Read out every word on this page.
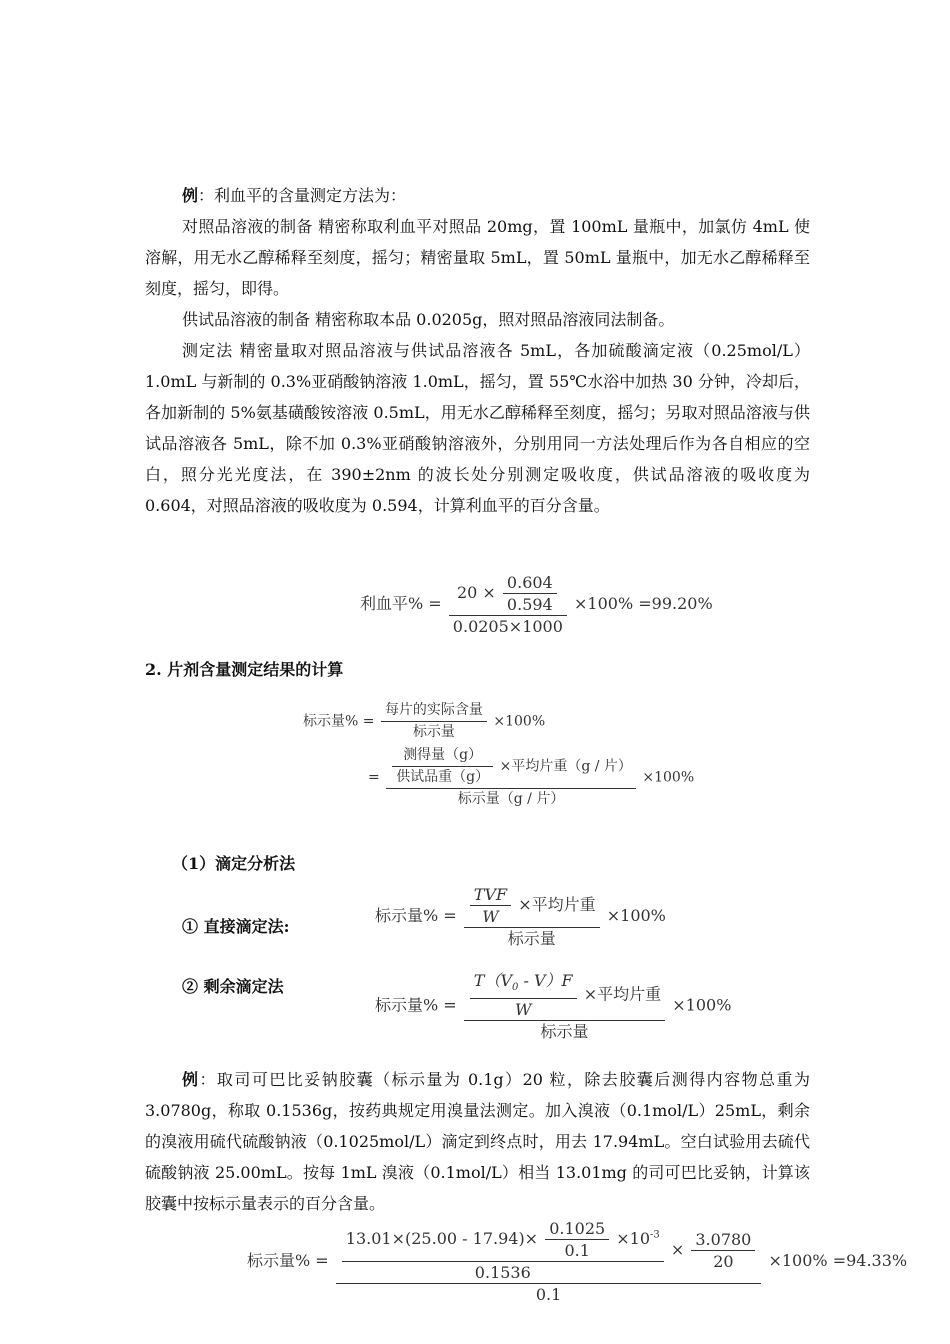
例：利血平的含量测定方法为：

对照品溶液的制备 精密称取利血平对照品 20mg，置 100mL 量瓶中，加氯仿 4mL 使溶解，用无水乙醇稀释至刻度，摇匀；精密量取 5mL，置 50mL 量瓶中，加无水乙醇稀释至刻度，摇匀，即得。

供试品溶液的制备 精密称取本品 0.0205g，照对照品溶液同法制备。

测定法 精密量取对照品溶液与供试品溶液各 5mL，各加硫酸滴定液（0.25mol/L）1.0mL 与新制的 0.3%亚硝酸钠溶液 1.0mL，摇匀，置 55℃水浴中加热 30 分钟，冷却后，各加新制的 5%氨基磺酸铵溶液 0.5mL，用无水乙醇稀释至刻度，摇匀；另取对照品溶液与供试品溶液各 5mL，除不加 0.3%亚硝酸钠溶液外，分别用同一方法处理后作为各自相应的空白，照分光光度法，在 390±2nm 的波长处分别测定吸收度，供试品溶液的吸收度为 0.604，对照品溶液的吸收度为 0.594，计算利血平的百分含量。

利血平% = $\frac{20 \times \frac{0.604}{0.594}}{0.0205\times 1000} \times 100\% =99.20\%$
2. 片剂含量测定结果的计算
标示量% =
每片的实际含量
标示量
×100%
=
测得量（g）
供试品重（g）
×平均片重（g / 片）
标示量（g / 片）
×100%
（1）滴定分析法
① 直接滴定法:
标示量% =
TVF
W
×平均片重
标示量
×100%
② 剩余滴定法
标示量% = $\frac{T(V_0 - V)F}{W}$ ×平均片重
标示量
×100%

例：取司可巴比妥钠胶囊（标示量为 0.1g）20 粒，除去胶囊后测得内容物总重为 3.0780g，称取 0.1536g，按药典规定用溴量法测定。加入溴液（0.1mol/L）25mL，剩余的溴液用硫代硫酸钠液（0.1025mol/L）滴定到终点时，用去 17.94mL。空白试验用去硫代硫酸钠液 25.00mL。按每 1mL 溴液（0.1mol/L）相当 13.01mg 的司可巴比妥钠，计算该胶囊中按标示量表示的百分含量。

标示量% =
$13.01\times(25.00 - 17.94)\times \frac{0.1025}{0.1} \times 10^{-3}$
0.1536
× $\frac{3.0780}{20}$
0.1
×100% =94.33%
